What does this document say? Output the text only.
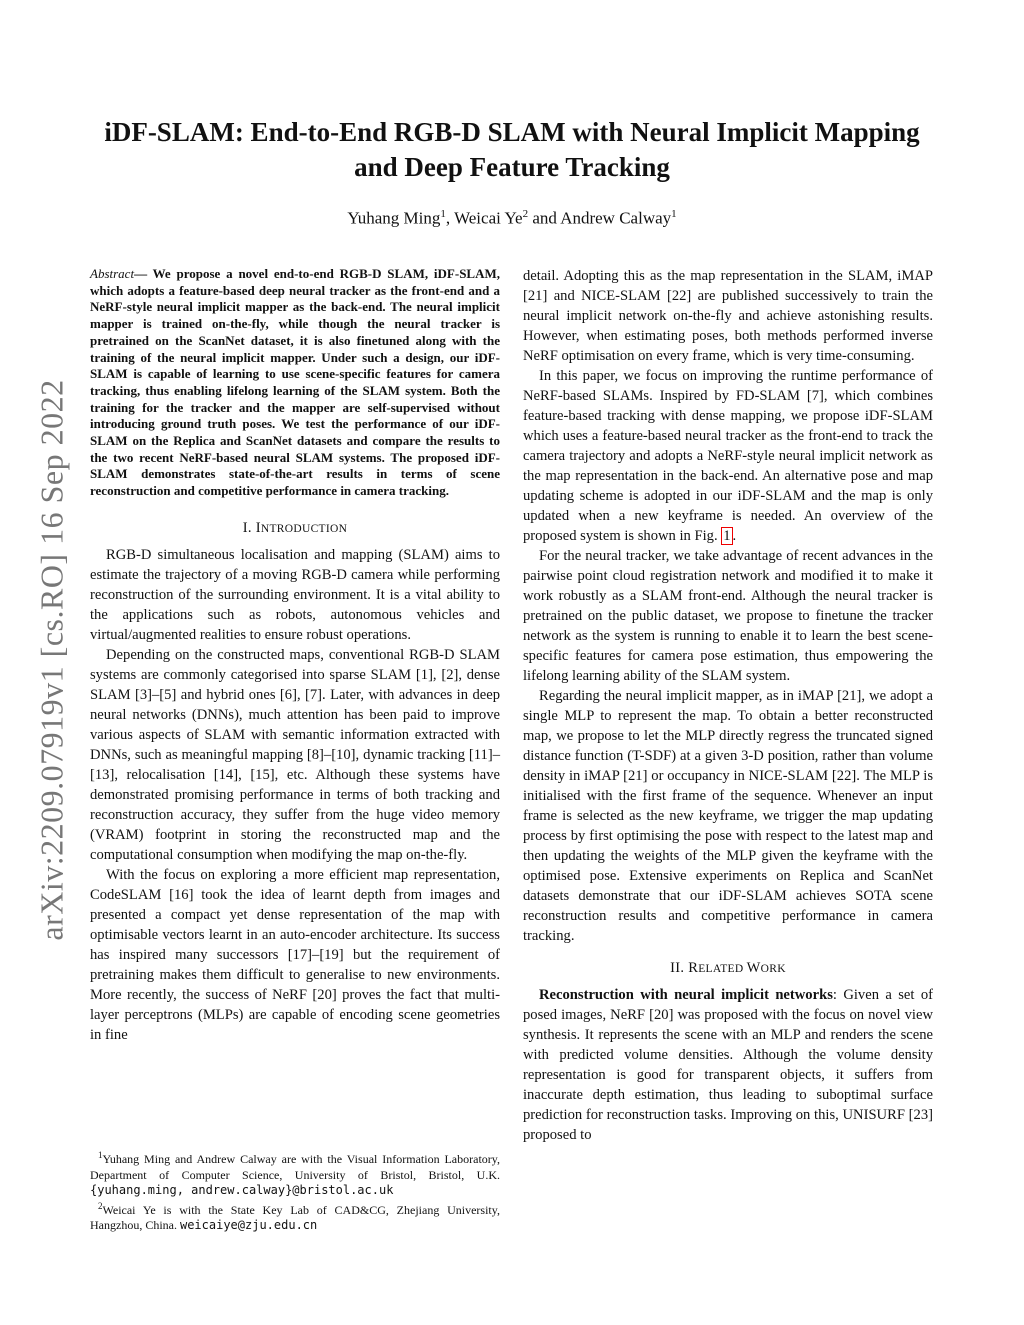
iDF-SLAM: End-to-End RGB-D SLAM with Neural Implicit Mapping
and Deep Feature Tracking
Yuhang Ming$^1$, Weicai Ye$^2$ and Andrew Calway$^1$
arXiv:2209.07919v1 [cs.RO] 16 Sep 2022

Abstract— We propose a novel end-to-end RGB-D SLAM, iDF-SLAM, which adopts a feature-based deep neural tracker as the front-end and a NeRF-style neural implicit mapper as the back-end. The neural implicit mapper is trained on-the-fly, while though the neural tracker is pretrained on the ScanNet dataset, it is also finetuned along with the training of the neural implicit mapper. Under such a design, our iDF-SLAM is capable of learning to use scene-specific features for camera tracking, thus enabling lifelong learning of the SLAM system. Both the training for the tracker and the mapper are self-supervised without introducing ground truth poses. We test the performance of our iDF-SLAM on the Replica and ScanNet datasets and compare the results to the two recent NeRF-based neural SLAM systems. The proposed iDF-SLAM demonstrates state-of-the-art results in terms of scene reconstruction and competitive performance in camera tracking.

I. INTRODUCTION

RGB-D simultaneous localisation and mapping (SLAM) aims to estimate the trajectory of a moving RGB-D camera while performing reconstruction of the surrounding environment. It is a vital ability to the applications such as robots, autonomous vehicles and virtual/augmented realities to ensure robust operations.

Depending on the constructed maps, conventional RGB-D SLAM systems are commonly categorised into sparse SLAM [1], [2], dense SLAM [3]–[5] and hybrid ones [6], [7]. Later, with advances in deep neural networks (DNNs), much attention has been paid to improve various aspects of SLAM with semantic information extracted with DNNs, such as meaningful mapping [8]–[10], dynamic tracking [11]–[13], relocalisation [14], [15], etc. Although these systems have demonstrated promising performance in terms of both tracking and reconstruction accuracy, they suffer from the huge video memory (VRAM) footprint in storing the reconstructed map and the computational consumption when modifying the map on-the-fly.

With the focus on exploring a more efficient map representation, CodeSLAM [16] took the idea of learnt depth from images and presented a compact yet dense representation of the map with optimisable vectors learnt in an auto-encoder architecture. Its success has inspired many successors [17]–[19] but the requirement of pretraining makes them difficult to generalise to new environments. More recently, the success of NeRF [20] proves the fact that multi-layer perceptrons (MLPs) are capable of encoding scene geometries in fine

detail. Adopting this as the map representation in the SLAM, iMAP [21] and NICE-SLAM [22] are published successively to train the neural implicit network on-the-fly and achieve astonishing results. However, when estimating poses, both methods performed inverse NeRF optimisation on every frame, which is very time-consuming.

In this paper, we focus on improving the runtime performance of NeRF-based SLAMs. Inspired by FD-SLAM [7], which combines feature-based tracking with dense mapping, we propose iDF-SLAM which uses a feature-based neural tracker as the front-end to track the camera trajectory and adopts a NeRF-style neural implicit network as the map representation in the back-end. An alternative pose and map updating scheme is adopted in our iDF-SLAM and the map is only updated when a new keyframe is needed. An overview of the proposed system is shown in Fig. 1 .

For the neural tracker, we take advantage of recent advances in the pairwise point cloud registration network and modified it to make it work robustly as a SLAM front-end. Although the neural tracker is pretrained on the public dataset, we propose to finetune the tracker network as the system is running to enable it to learn the best scene-specific features for camera pose estimation, thus empowering the lifelong learning ability of the SLAM system.

Regarding the neural implicit mapper, as in iMAP [21], we adopt a single MLP to represent the map. To obtain a better reconstructed map, we propose to let the MLP directly regress the truncated signed distance function (T-SDF) at a given 3-D position, rather than volume density in iMAP [21] or occupancy in NICE-SLAM [22]. The MLP is initialised with the first frame of the sequence. Whenever an input frame is selected as the new keyframe, we trigger the map updating process by first optimising the pose with respect to the latest map and then updating the weights of the MLP given the keyframe with the optimised pose. Extensive experiments on Replica and ScanNet datasets demonstrate that our iDF-SLAM achieves SOTA scene reconstruction results and competitive performance in camera tracking.

II. RELATED WORK

Reconstruction with neural implicit networks: Given a set of posed images, NeRF [20] was proposed with the focus on novel view synthesis. It represents the scene with an MLP and renders the scene with predicted volume densities. Although the volume density representation is good for transparent objects, it suffers from inaccurate depth estimation, thus leading to suboptimal surface prediction for reconstruction tasks. Improving on this, UNISURF [23] proposed to

$^1$Yuhang Ming and Andrew Calway are with the Visual Information Laboratory, Department of Computer Science, University of Bristol, Bristol, U.K. {yuhang.ming, andrew.calway}@bristol.ac.uk

$^2$Weicai Ye is with the State Key Lab of CAD&CG, Zhejiang University, Hangzhou, China. weicaiye@zju.edu.cn
